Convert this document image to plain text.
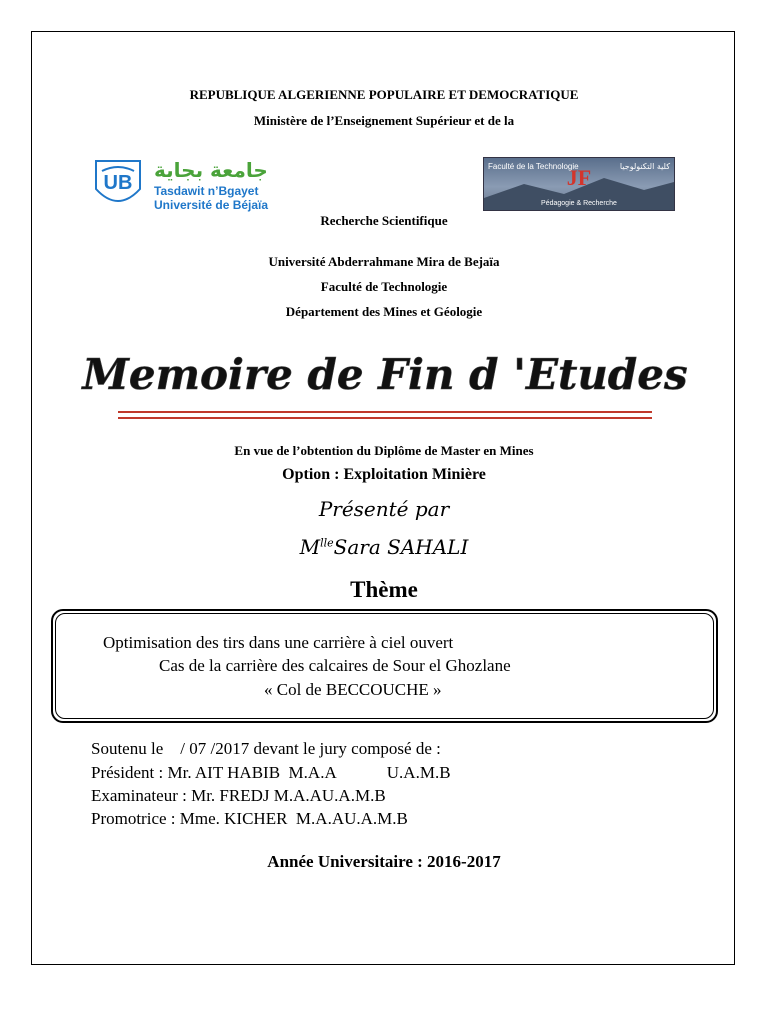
REPUBLIQUE ALGERIENNE POPULAIRE ET DEMOCRATIQUE
Ministère de l’Enseignement Supérieur et de la
UB
جامعة بجاية
Tasdawit n’Bgayet
Université de Béjaïa
Faculté de la Technologie	كلية التكنولوجيا
JF
Pédagogie & Recherche
Recherche Scientifique
Université Abderrahmane Mira de Bejaïa
Faculté de Technologie
Département des Mines et Géologie
Memoire de Fin d 'Etudes
En vue de l’obtention du Diplôme de Master en Mines
Option : Exploitation Minière
Présenté par
$M^{lle}Sara$ SAHALI
Thème
Optimisation des tirs dans une carrière à ciel ouvert
Cas de la carrière des calcaires de Sour el Ghozlane
« Col de BECCOUCHE »
Soutenu le    / 07 /2017 devant le jury composé de :
Président : Mr. AIT HABIB  M.A.A            U.A.M.B
Examinateur : Mr. FREDJ M.A.AU.A.M.B
Promotrice : Mme. KICHER  M.A.AU.A.M.B
Année Universitaire : 2016-2017
